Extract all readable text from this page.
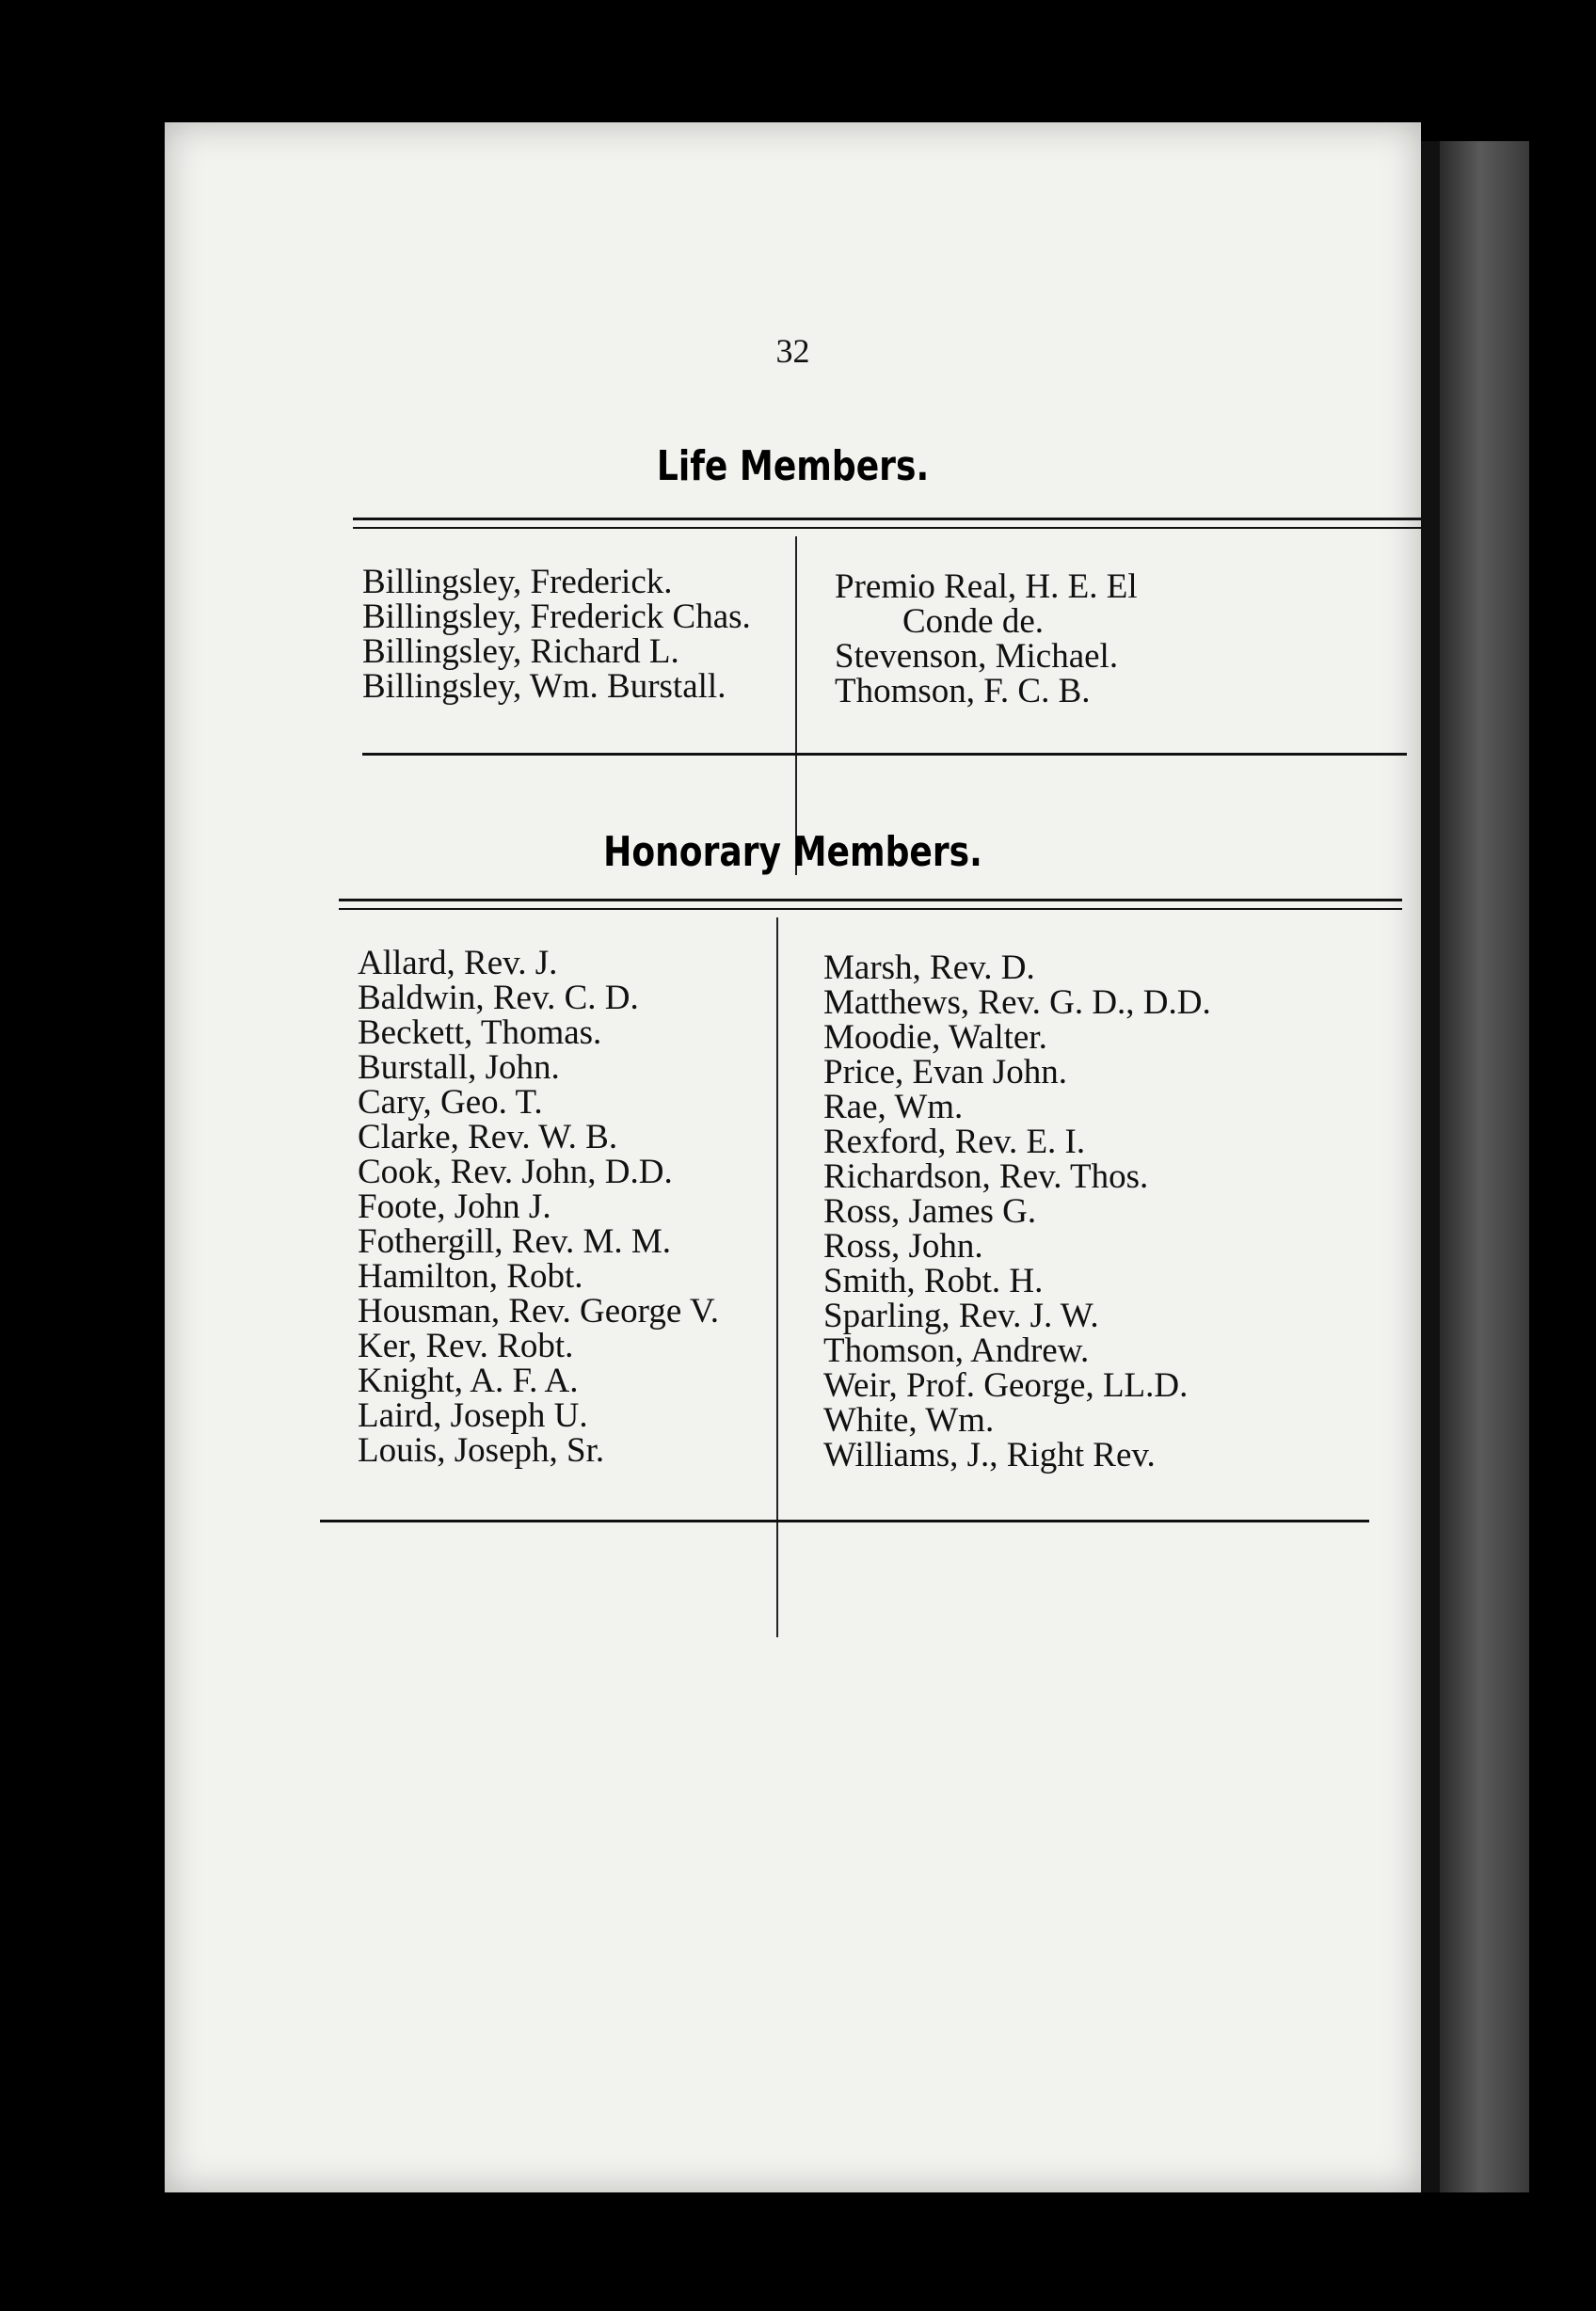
32
Life Members.
Billingsley, Frederick.
Billingsley, Frederick Chas.
Billingsley, Richard L.
Billingsley, Wm. Burstall.
Premio Real, H. E. El
Conde de.
Stevenson, Michael.
Thomson, F. C. B.
Honorary Members.
Allard, Rev. J.
Baldwin, Rev. C. D.
Beckett, Thomas.
Burstall, John.
Cary, Geo. T.
Clarke, Rev. W. B.
Cook, Rev. John, D.D.
Foote, John J.
Fothergill, Rev. M. M.
Hamilton, Robt.
Housman, Rev. George V.
Ker, Rev. Robt.
Knight, A. F. A.
Laird, Joseph U.
Louis, Joseph, Sr.
Marsh, Rev. D.
Matthews, Rev. G. D., D.D.
Moodie, Walter.
Price, Evan John.
Rae, Wm.
Rexford, Rev. E. I.
Richardson, Rev. Thos.
Ross, James G.
Ross, John.
Smith, Robt. H.
Sparling, Rev. J. W.
Thomson, Andrew.
Weir, Prof. George, LL.D.
White, Wm.
Williams, J., Right Rev.
